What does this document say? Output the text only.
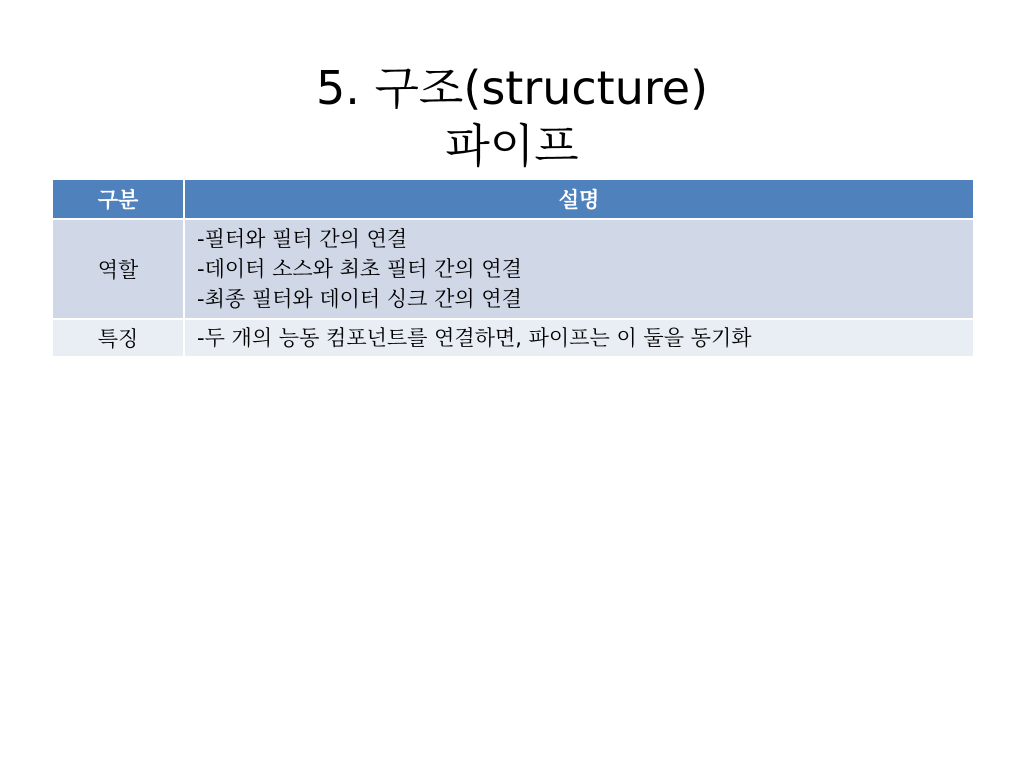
5. 구조(structure)
파이프
구분	설명
역할	-필터와 필터 간의 연결
-데이터 소스와 최초 필터 간의 연결
-최종 필터와 데이터 싱크 간의 연결

특징	-두 개의 능동 컴포넌트를 연결하면, 파이프는 이 둘을 동기화
